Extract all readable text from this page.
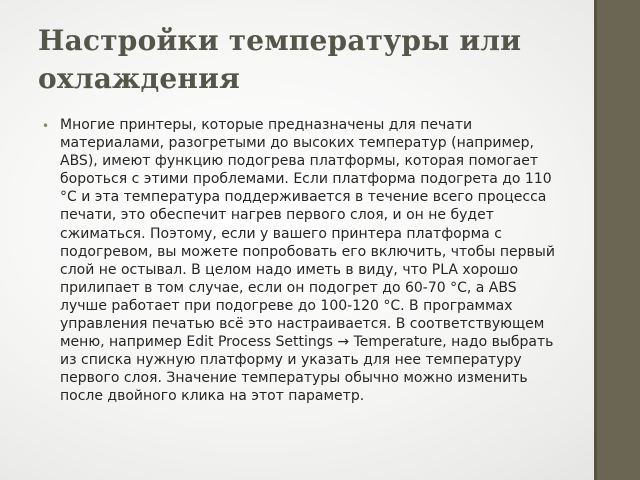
Настройки температуры или охлаждения
• Многие принтеры, которые предназначены для печати материалами, разогретыми до высоких температур (например, ABS), имеют функцию подогрева платформы, которая помогает бороться с этими проблемами. Если платформа подогрета до 110 °C и эта температура поддерживается в течение всего процесса печати, это обеспечит нагрев первого слоя, и он не будет сжиматься. Поэтому, если у вашего принтера платформа с подогревом, вы можете попробовать его включить, чтобы первый слой не остывал. В целом надо иметь в виду, что PLA хорошо прилипает в том случае, если он подогрет до 60-70 °C, а ABS лучше работает при подогреве до 100-120 °C. В программах управления печатью всё это настраивается. В соответствующем меню, например Edit Process Settings → Temperature, надо выбрать из списка нужную платформу и указать для нее температуру первого слоя. Значение температуры обычно можно изменить после двойного клика на этот параметр.
